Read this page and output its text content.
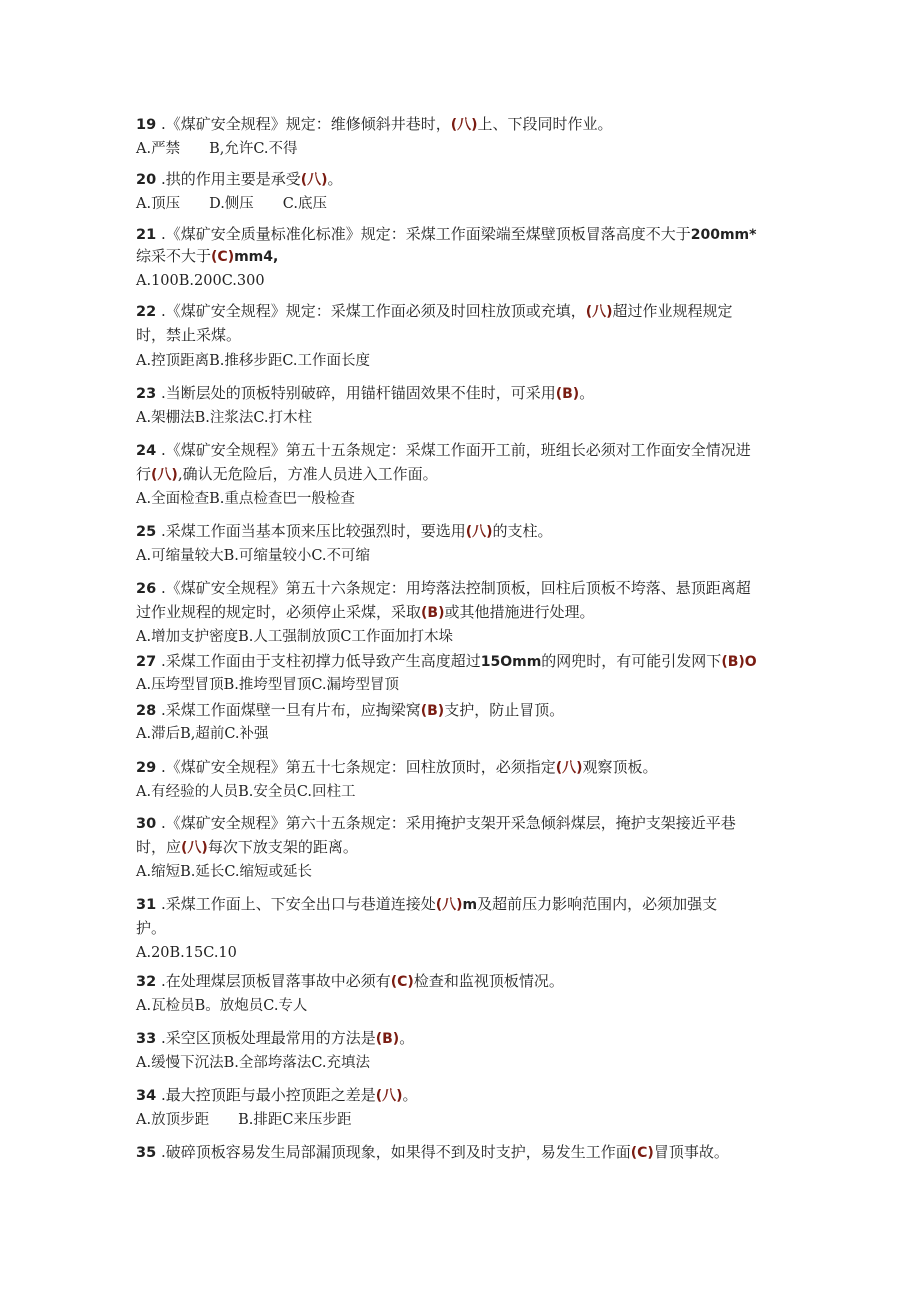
19 .《煤矿安全规程》规定：维修倾斜井巷时，(八)上、下段同时作业。
A.严禁　　B,允许C.不得
20 .拱的作用主要是承受(八)。
A.顶压　　D.侧压　　C.底压
21 .《煤矿安全质量标准化标准》规定：采煤工作面梁端至煤壁顶板冒落高度不大于200mm*
综采不大于(C)mm4,
A.100B.200C.300
22 .《煤矿安全规程》规定：采煤工作面必须及时回柱放顶或充填，(八)超过作业规程规定
时，禁止采煤。
A.控顶距离B.推移步距C.工作面长度
23 .当断层处的顶板特别破碎，用锚杆锚固效果不佳时，可采用(B)。
A.架棚法B.注浆法C.打木柱
24 .《煤矿安全规程》第五十五条规定：采煤工作面开工前，班组长必须对工作面安全情况进
行(八),确认无危险后，方准人员进入工作面。
A.全面检查B.重点检查巴一般检查
25 .采煤工作面当基本顶来压比较强烈时，要选用(八)的支柱。
A.可缩量较大B.可缩量较小C.不可缩
26 .《煤矿安全规程》第五十六条规定：用垮落法控制顶板，回柱后顶板不垮落、悬顶距离超
过作业规程的规定时，必须停止采煤，采取(B)或其他措施进行处理。
A.增加支护密度B.人工强制放顶C工作面加打木垛
27 .采煤工作面由于支柱初撑力低导致产生高度超过15Omm的网兜时，有可能引发网下(B)O
A.压垮型冒顶B.推垮型冒顶C.漏垮型冒顶
28 .采煤工作面煤壁一旦有片布，应掏梁窝(B)支护，防止冒顶。
A.滞后B,超前C.补强
29 .《煤矿安全规程》第五十七条规定：回柱放顶时，必须指定(八)观察顶板。
A.有经验的人员B.安全员C.回柱工
30 .《煤矿安全规程》第六十五条规定：采用掩护支架开采急倾斜煤层，掩护支架接近平巷
时，应(八)每次下放支架的距离。
A.缩短B.延长C.缩短或延长
31 .采煤工作面上、下安全出口与巷道连接处(八)m及超前压力影响范围内，必须加强支
护。
A.20B.15C.10
32 .在处理煤层顶板冒落事故中必须有(C)检查和监视顶板情况。
A.瓦检员B。放炮员C.专人
33 .采空区顶板处理最常用的方法是(B)。
A.缓慢下沉法B.全部垮落法C.充填法
34 .最大控顶距与最小控顶距之差是(八)。
A.放顶步距　　B.排距C来压步距
35 .破碎顶板容易发生局部漏顶现象，如果得不到及时支护，易发生工作面(C)冒顶事故。
